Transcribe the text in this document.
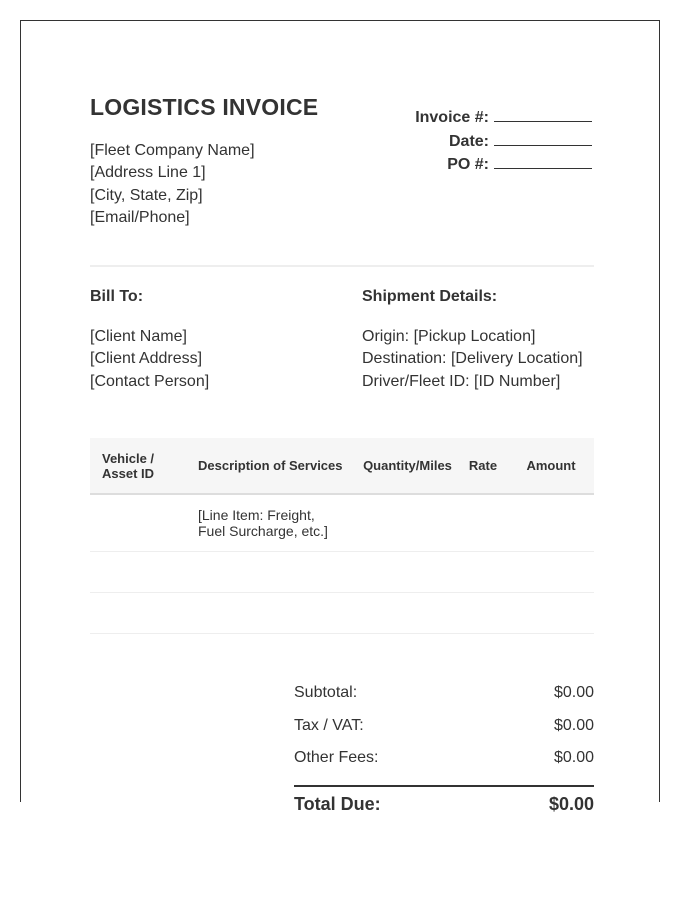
LOGISTICS INVOICE
[Fleet Company Name]
[Address Line 1]
[City, State, Zip]
[Email/Phone]
Invoice #:
Date:
PO #:
Bill To:
[Client Name]
[Client Address]
[Contact Person]
Shipment Details:
Origin: [Pickup Location]
Destination: [Delivery Location]
Driver/Fleet ID: [ID Number]
Vehicle / Asset ID	Description of Services	Quantity/Miles	Rate	Amount
	[Line Item: Freight, Fuel Surcharge, etc.]			

Subtotal:	$0.00
Tax / VAT:	$0.00
Other Fees:	$0.00
Total Due:	$0.00
